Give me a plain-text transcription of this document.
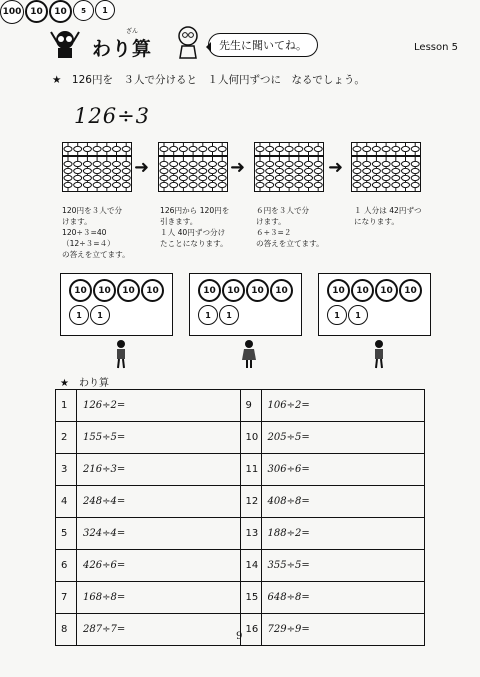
ざん
わり算	先生に聞いてね。	Lesson 5
★　126円を　３人で分けると　１人何円ずつに　なるでしょう。
126÷3
100 10	10	5	1
➜	➜	➜
120円を３人で分
けます。
120÷３=40
（12÷３=４）
の答えを立てます。
126円から 120円を
引きます。
１人 40円ずつ分け
たことになります。
６円を３人で分
けます。
６÷３=２
の答えを立てます。
１ 人分は 42円ずつ
になります。
10	10	10	10
1	1
10	10	10	10
1	1
10	10	10	10
1	1
★　わり算
1	126÷2=	9	106÷2=
2	155÷5=	10	205÷5=
3	216÷3=	11	306÷6=
4	248÷4=	12	408÷8=
5	324÷4=	13	188÷2=
6	426÷6=	14	355÷5=
7	168÷8=	15	648÷8=
8	287÷7=	16	729÷9=
9
